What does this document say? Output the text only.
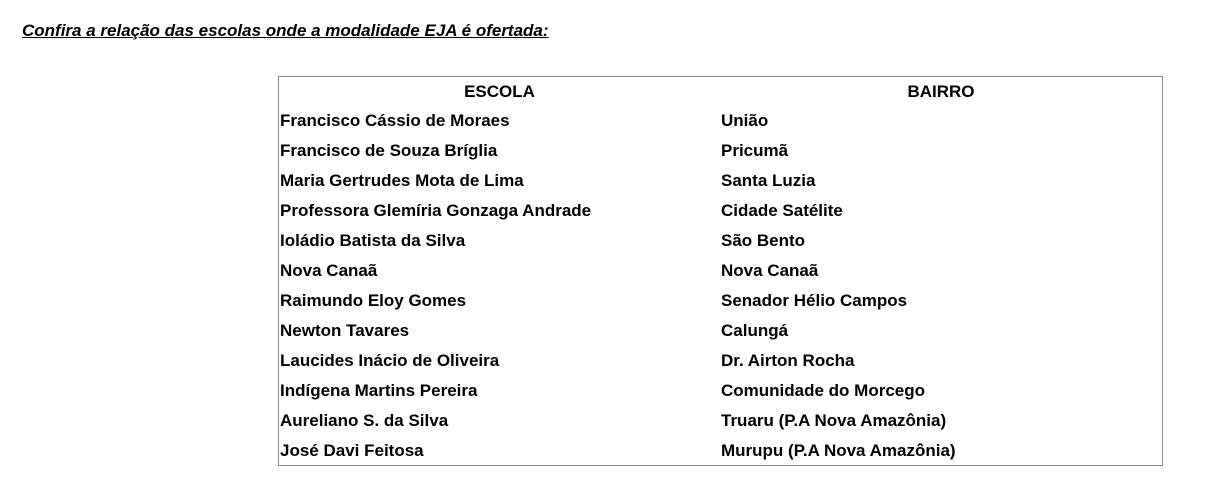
Confira a relação das escolas onde a modalidade EJA é ofertada:
ESCOLA	BAIRRO
Francisco Cássio de Moraes	União
Francisco de Souza Bríglia	Pricumã
Maria Gertrudes Mota de Lima	Santa Luzia
Professora Glemíria Gonzaga Andrade	Cidade Satélite
Ioládio Batista da Silva	São Bento
Nova Canaã	Nova Canaã
Raimundo Eloy Gomes	Senador Hélio Campos
Newton Tavares	Calungá
Laucides Inácio de Oliveira	Dr. Airton Rocha
Indígena Martins Pereira	Comunidade do Morcego
Aureliano S. da Silva	Truaru (P.A Nova Amazônia)
José Davi Feitosa	Murupu (P.A Nova Amazônia)
